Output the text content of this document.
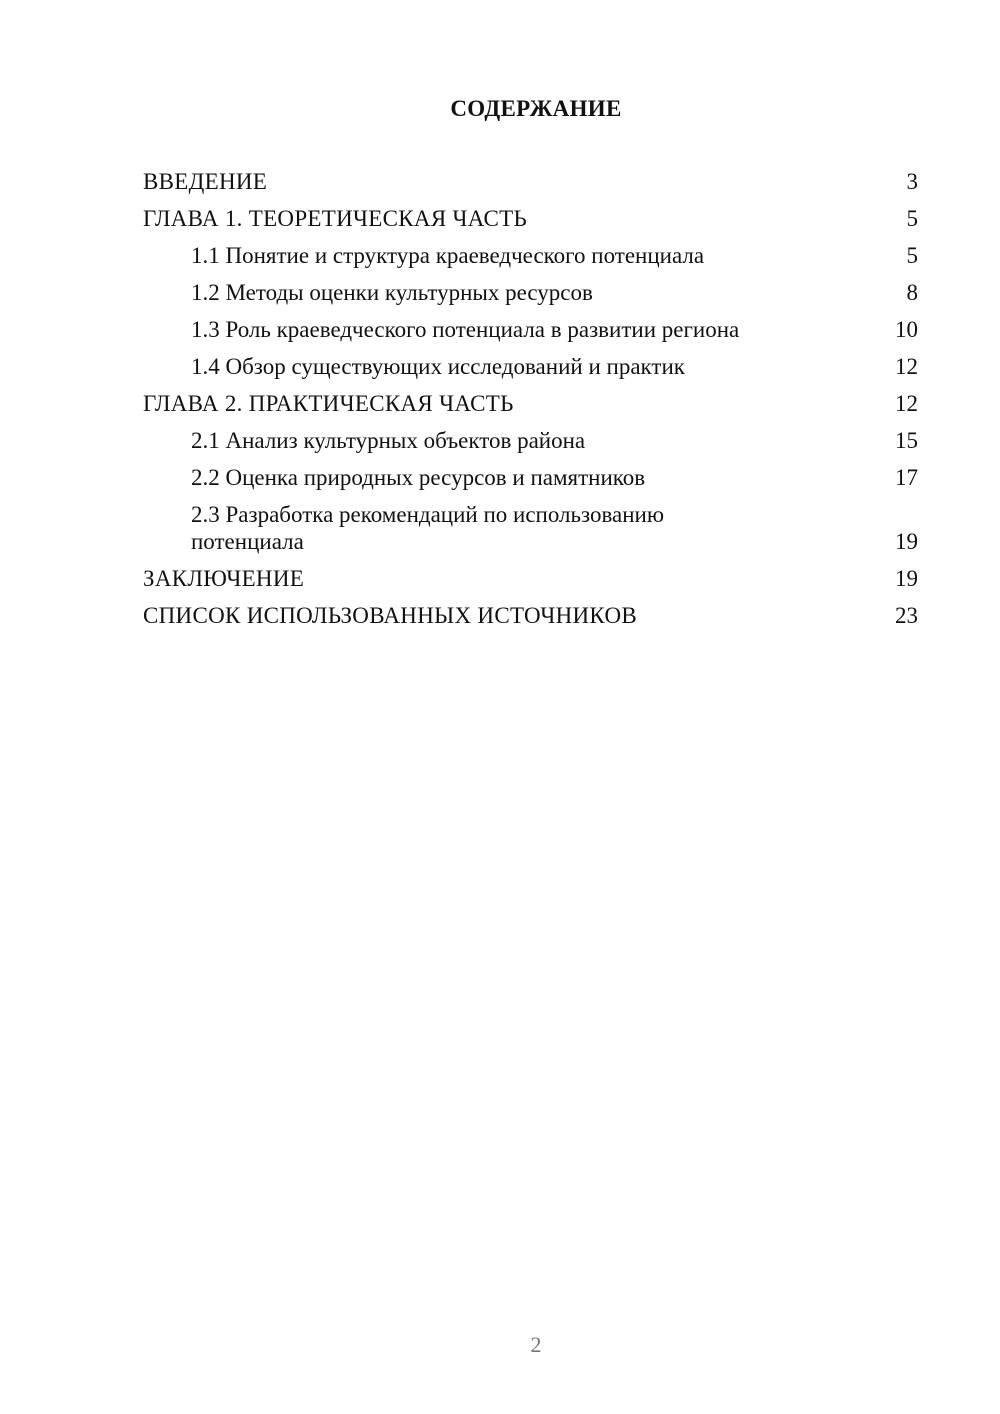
СОДЕРЖАНИЕ
ВВЕДЕНИЕ	3
ГЛАВА 1. ТЕОРЕТИЧЕСКАЯ ЧАСТЬ	5
1.1 Понятие и структура краеведческого потенциала	5
1.2 Методы оценки культурных ресурсов	8
1.3 Роль краеведческого потенциала в развитии региона	10
1.4 Обзор существующих исследований и практик	12
ГЛАВА 2. ПРАКТИЧЕСКАЯ ЧАСТЬ	12
2.1 Анализ культурных объектов района	15
2.2 Оценка природных ресурсов и памятников	17
2.3 Разработка рекомендаций по использованию потенциала	19
ЗАКЛЮЧЕНИЕ	19
СПИСОК ИСПОЛЬЗОВАННЫХ ИСТОЧНИКОВ	23
2
